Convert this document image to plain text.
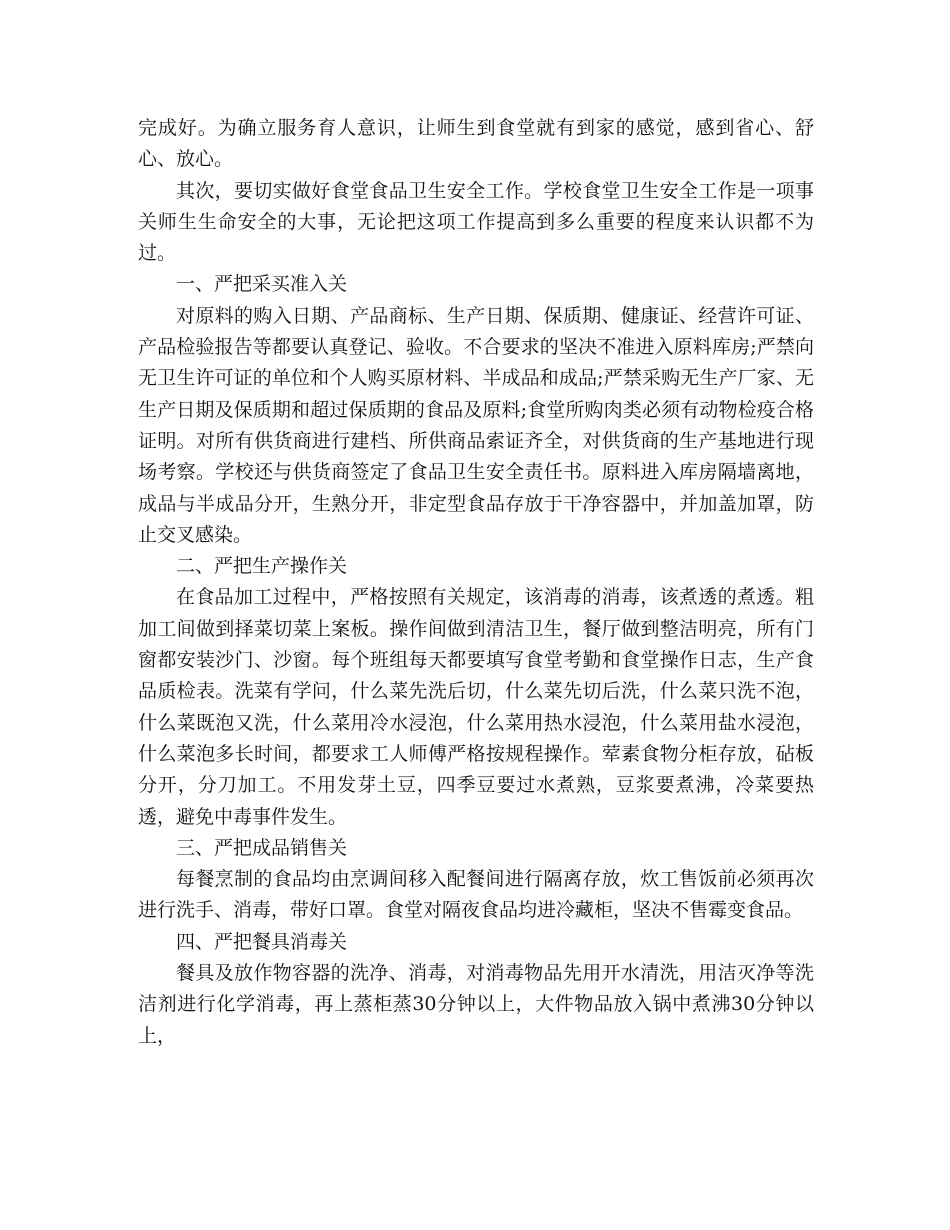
完成好。为确立服务育人意识，让师生到食堂就有到家的感觉，感到省心、舒心、放心。

其次，要切实做好食堂食品卫生安全工作。学校食堂卫生安全工作是一项事关师生生命安全的大事，无论把这项工作提高到多么重要的程度来认识都不为过。

一、严把采买准入关

对原料的购入日期、产品商标、生产日期、保质期、健康证、经营许可证、产品检验报告等都要认真登记、验收。不合要求的坚决不准进入原料库房;严禁向无卫生许可证的单位和个人购买原材料、半成品和成品;严禁采购无生产厂家、无生产日期及保质期和超过保质期的食品及原料;食堂所购肉类必须有动物检疫合格证明。对所有供货商进行建档、所供商品索证齐全，对供货商的生产基地进行现场考察。学校还与供货商签定了食品卫生安全责任书。原料进入库房隔墙离地，成品与半成品分开，生熟分开，非定型食品存放于干净容器中，并加盖加罩，防止交叉感染。

二、严把生产操作关

在食品加工过程中，严格按照有关规定，该消毒的消毒，该煮透的煮透。粗加工间做到择菜切菜上案板。操作间做到清洁卫生，餐厅做到整洁明亮，所有门窗都安装沙门、沙窗。每个班组每天都要填写食堂考勤和食堂操作日志，生产食品质检表。洗菜有学问，什么菜先洗后切，什么菜先切后洗，什么菜只洗不泡，什么菜既泡又洗，什么菜用冷水浸泡，什么菜用热水浸泡，什么菜用盐水浸泡，什么菜泡多长时间，都要求工人师傅严格按规程操作。荤素食物分柜存放，砧板分开，分刀加工。不用发芽土豆，四季豆要过水煮熟，豆浆要煮沸，冷菜要热透，避免中毒事件发生。

三、严把成品销售关

每餐烹制的食品均由烹调间移入配餐间进行隔离存放，炊工售饭前必须再次进行洗手、消毒，带好口罩。食堂对隔夜食品均进冷藏柜，坚决不售霉变食品。

四、严把餐具消毒关

餐具及放作物容器的洗净、消毒，对消毒物品先用开水清洗，用洁灭净等洗洁剂进行化学消毒，再上蒸柜蒸30分钟以上，大件物品放入锅中煮沸30分钟以上，
